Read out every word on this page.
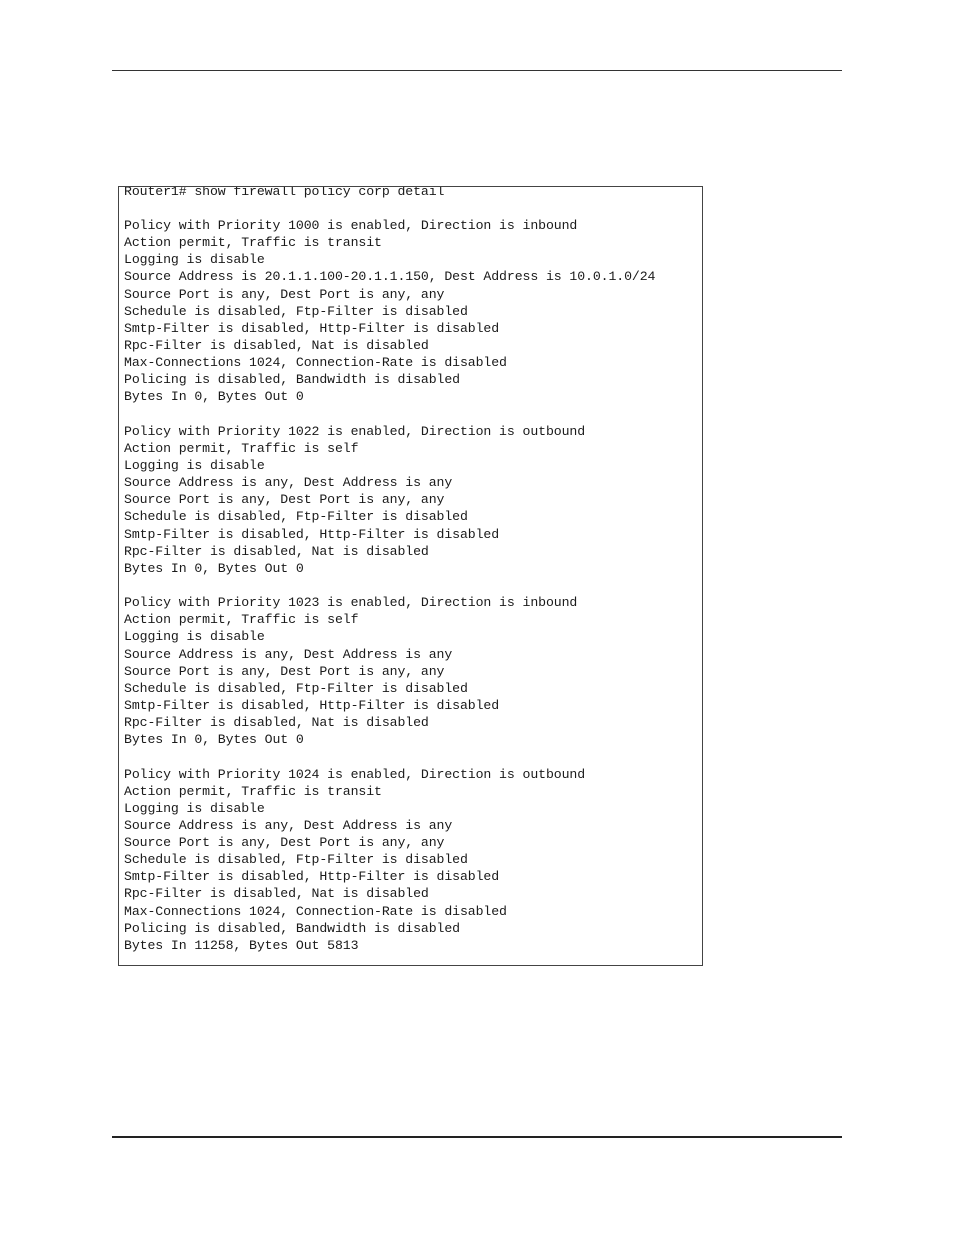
Router1# show firewall policy corp detail
Policy with Priority 1000 is enabled, Direction is inbound
Action permit, Traffic is transit
Logging is disable
Source Address is 20.1.1.100-20.1.1.150, Dest Address is 10.0.1.0/24
Source Port is any, Dest Port is any, any
Schedule is disabled, Ftp-Filter is disabled
Smtp-Filter is disabled, Http-Filter is disabled
Rpc-Filter is disabled, Nat is disabled
Max-Connections 1024, Connection-Rate is disabled
Policing is disabled, Bandwidth is disabled
Bytes In 0, Bytes Out 0
Policy with Priority 1022 is enabled, Direction is outbound
Action permit, Traffic is self
Logging is disable
Source Address is any, Dest Address is any
Source Port is any, Dest Port is any, any
Schedule is disabled, Ftp-Filter is disabled
Smtp-Filter is disabled, Http-Filter is disabled
Rpc-Filter is disabled, Nat is disabled
Bytes In 0, Bytes Out 0
Policy with Priority 1023 is enabled, Direction is inbound
Action permit, Traffic is self
Logging is disable
Source Address is any, Dest Address is any
Source Port is any, Dest Port is any, any
Schedule is disabled, Ftp-Filter is disabled
Smtp-Filter is disabled, Http-Filter is disabled
Rpc-Filter is disabled, Nat is disabled
Bytes In 0, Bytes Out 0
Policy with Priority 1024 is enabled, Direction is outbound
Action permit, Traffic is transit
Logging is disable
Source Address is any, Dest Address is any
Source Port is any, Dest Port is any, any
Schedule is disabled, Ftp-Filter is disabled
Smtp-Filter is disabled, Http-Filter is disabled
Rpc-Filter is disabled, Nat is disabled
Max-Connections 1024, Connection-Rate is disabled
Policing is disabled, Bandwidth is disabled
Bytes In 11258, Bytes Out 5813
